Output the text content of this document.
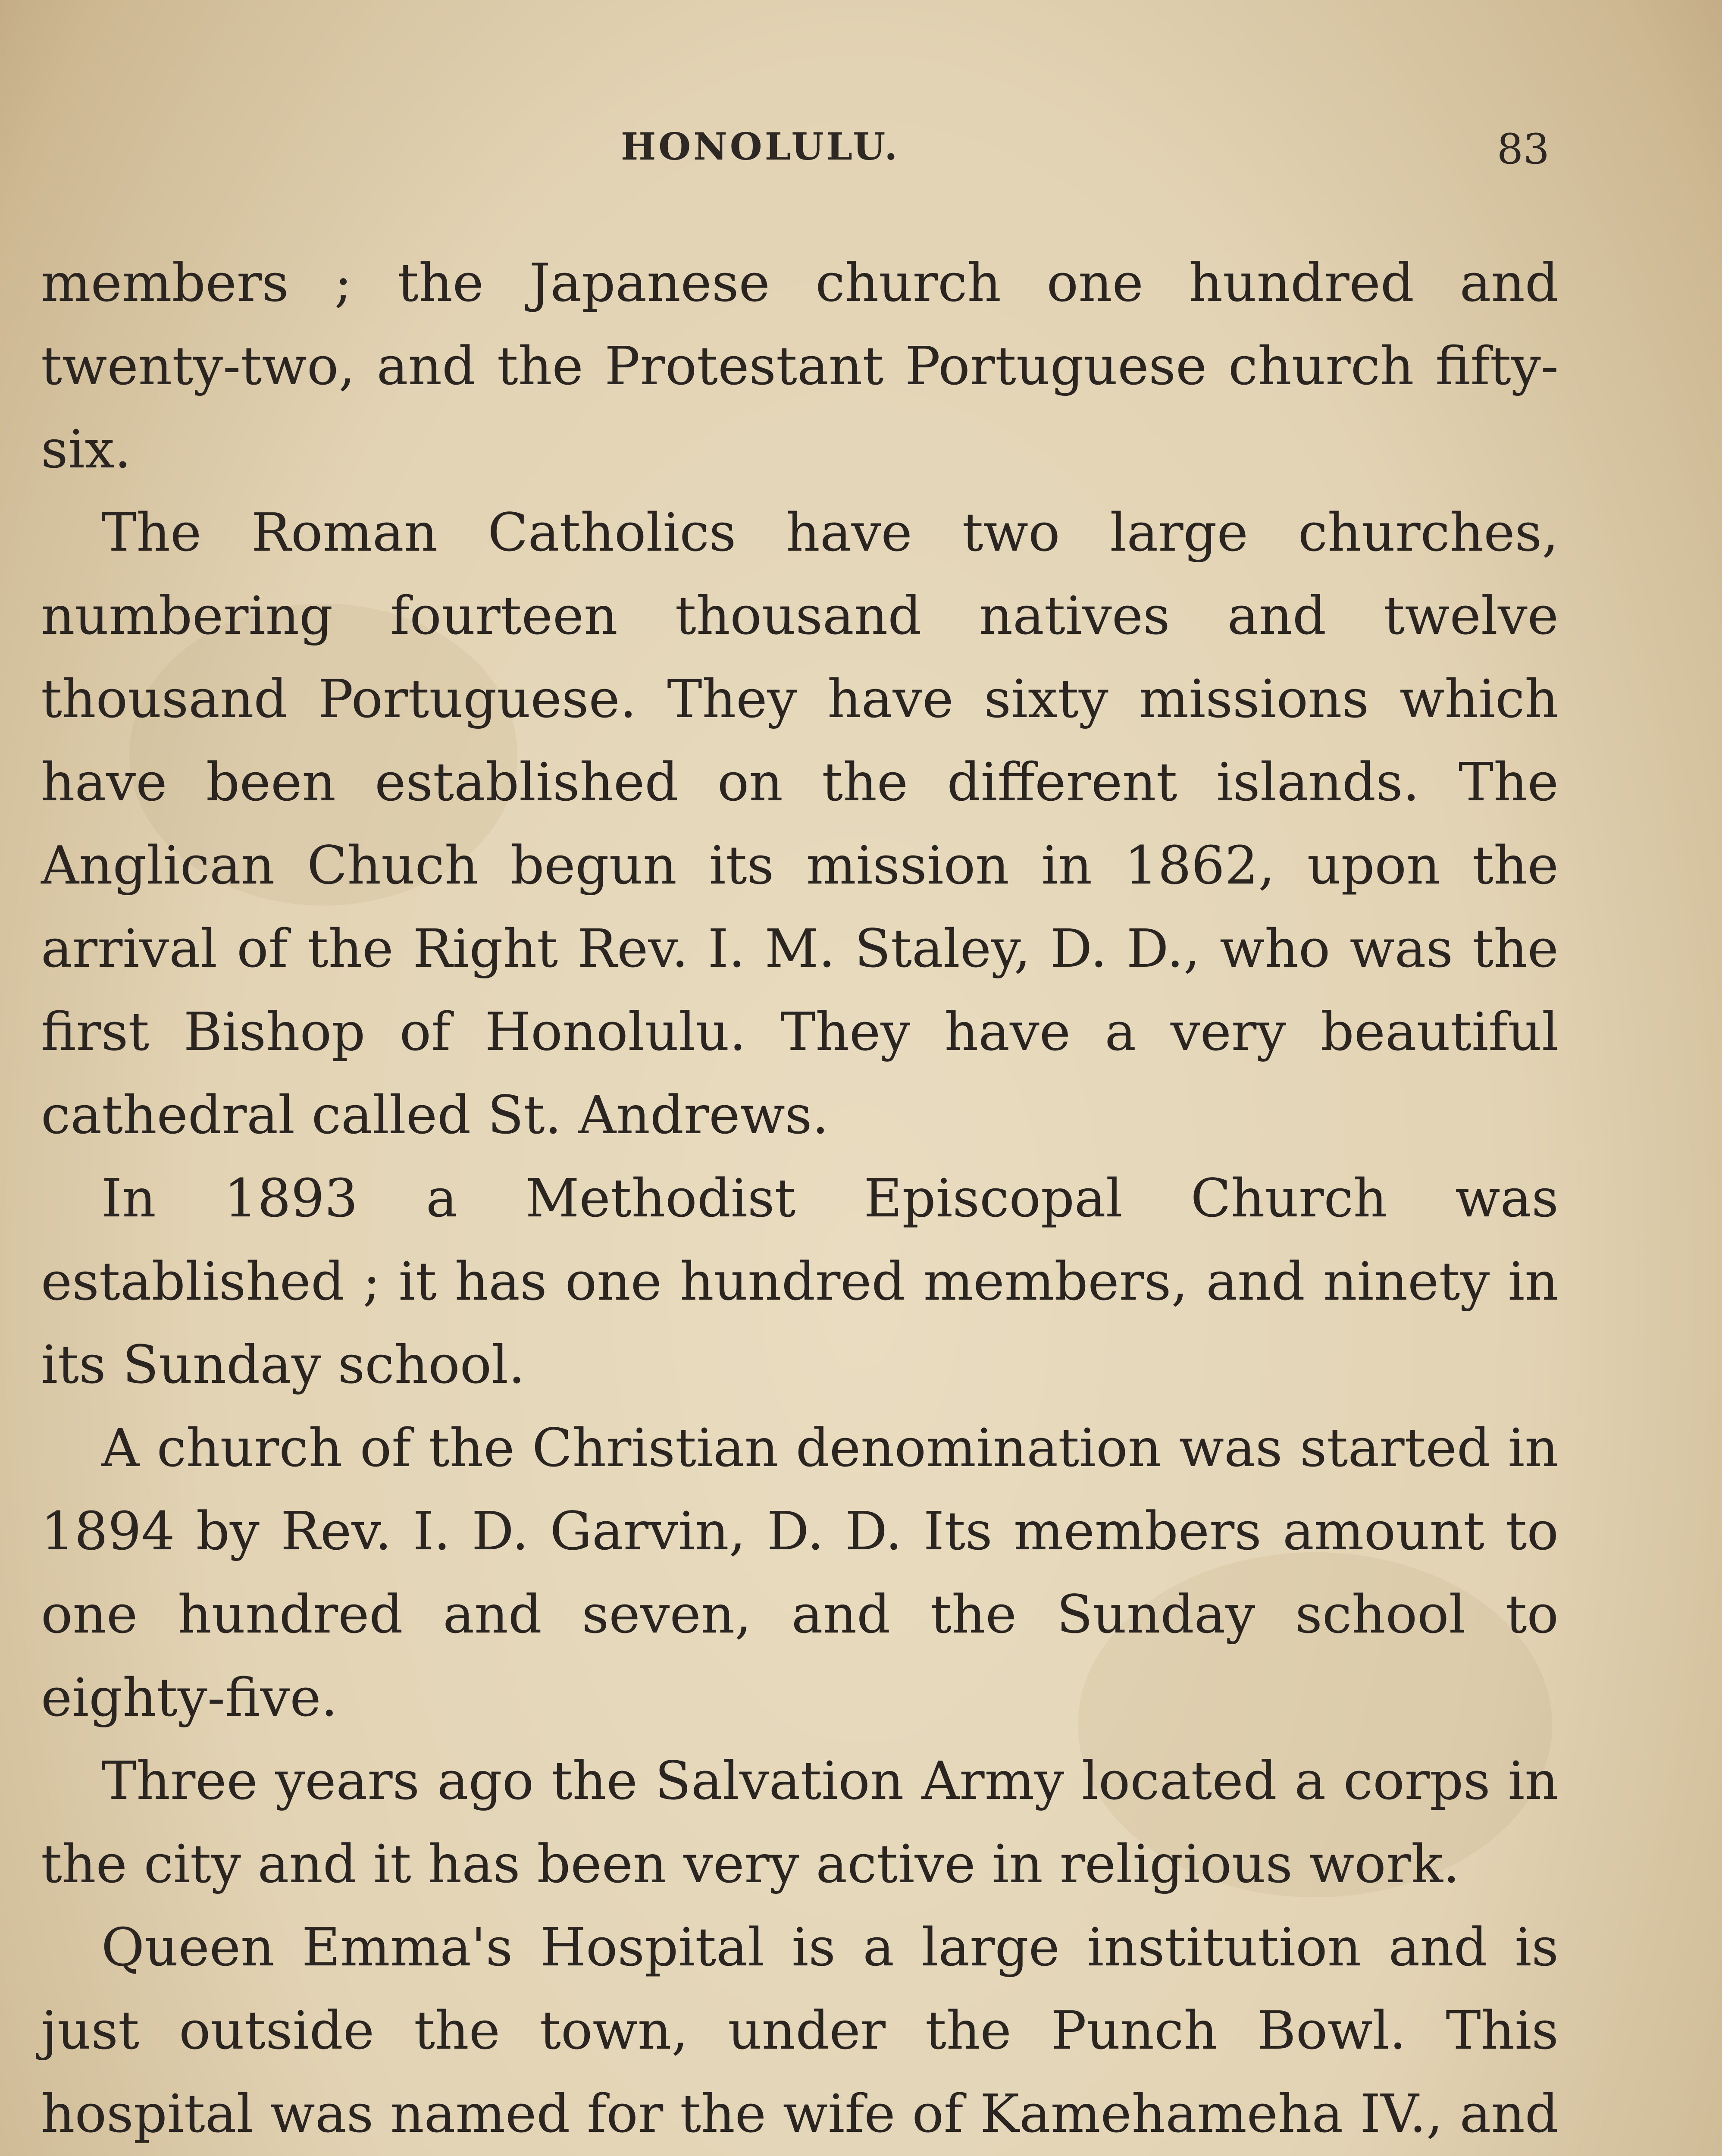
HONOLULU.	83

members ; the Japanese church one hundred and twenty-two, and the Protestant Portuguese church fifty-six.

The Roman Catholics have two large churches, numbering fourteen thousand natives and twelve thousand Portuguese. They have sixty missions which have been established on the different islands. The Anglican Chuch begun its mission in 1862, upon the arrival of the Right Rev. I. M. Staley, D. D., who was the first Bishop of Honolulu. They have a very beautiful cathedral called St. Andrews.

In 1893 a Methodist Episcopal Church was established ; it has one hundred members, and ninety in its Sunday school.

A church of the Christian denomination was started in 1894 by Rev. I. D. Garvin, D. D. Its members amount to one hundred and seven, and the Sunday school to eighty-five.

Three years ago the Salvation Army located a corps in the city and it has been very active in religious work.

Queen Emma's Hospital is a large institution and is just outside the town, under the Punch Bowl. This hospital was named for the wife of Kamehameha IV., and
